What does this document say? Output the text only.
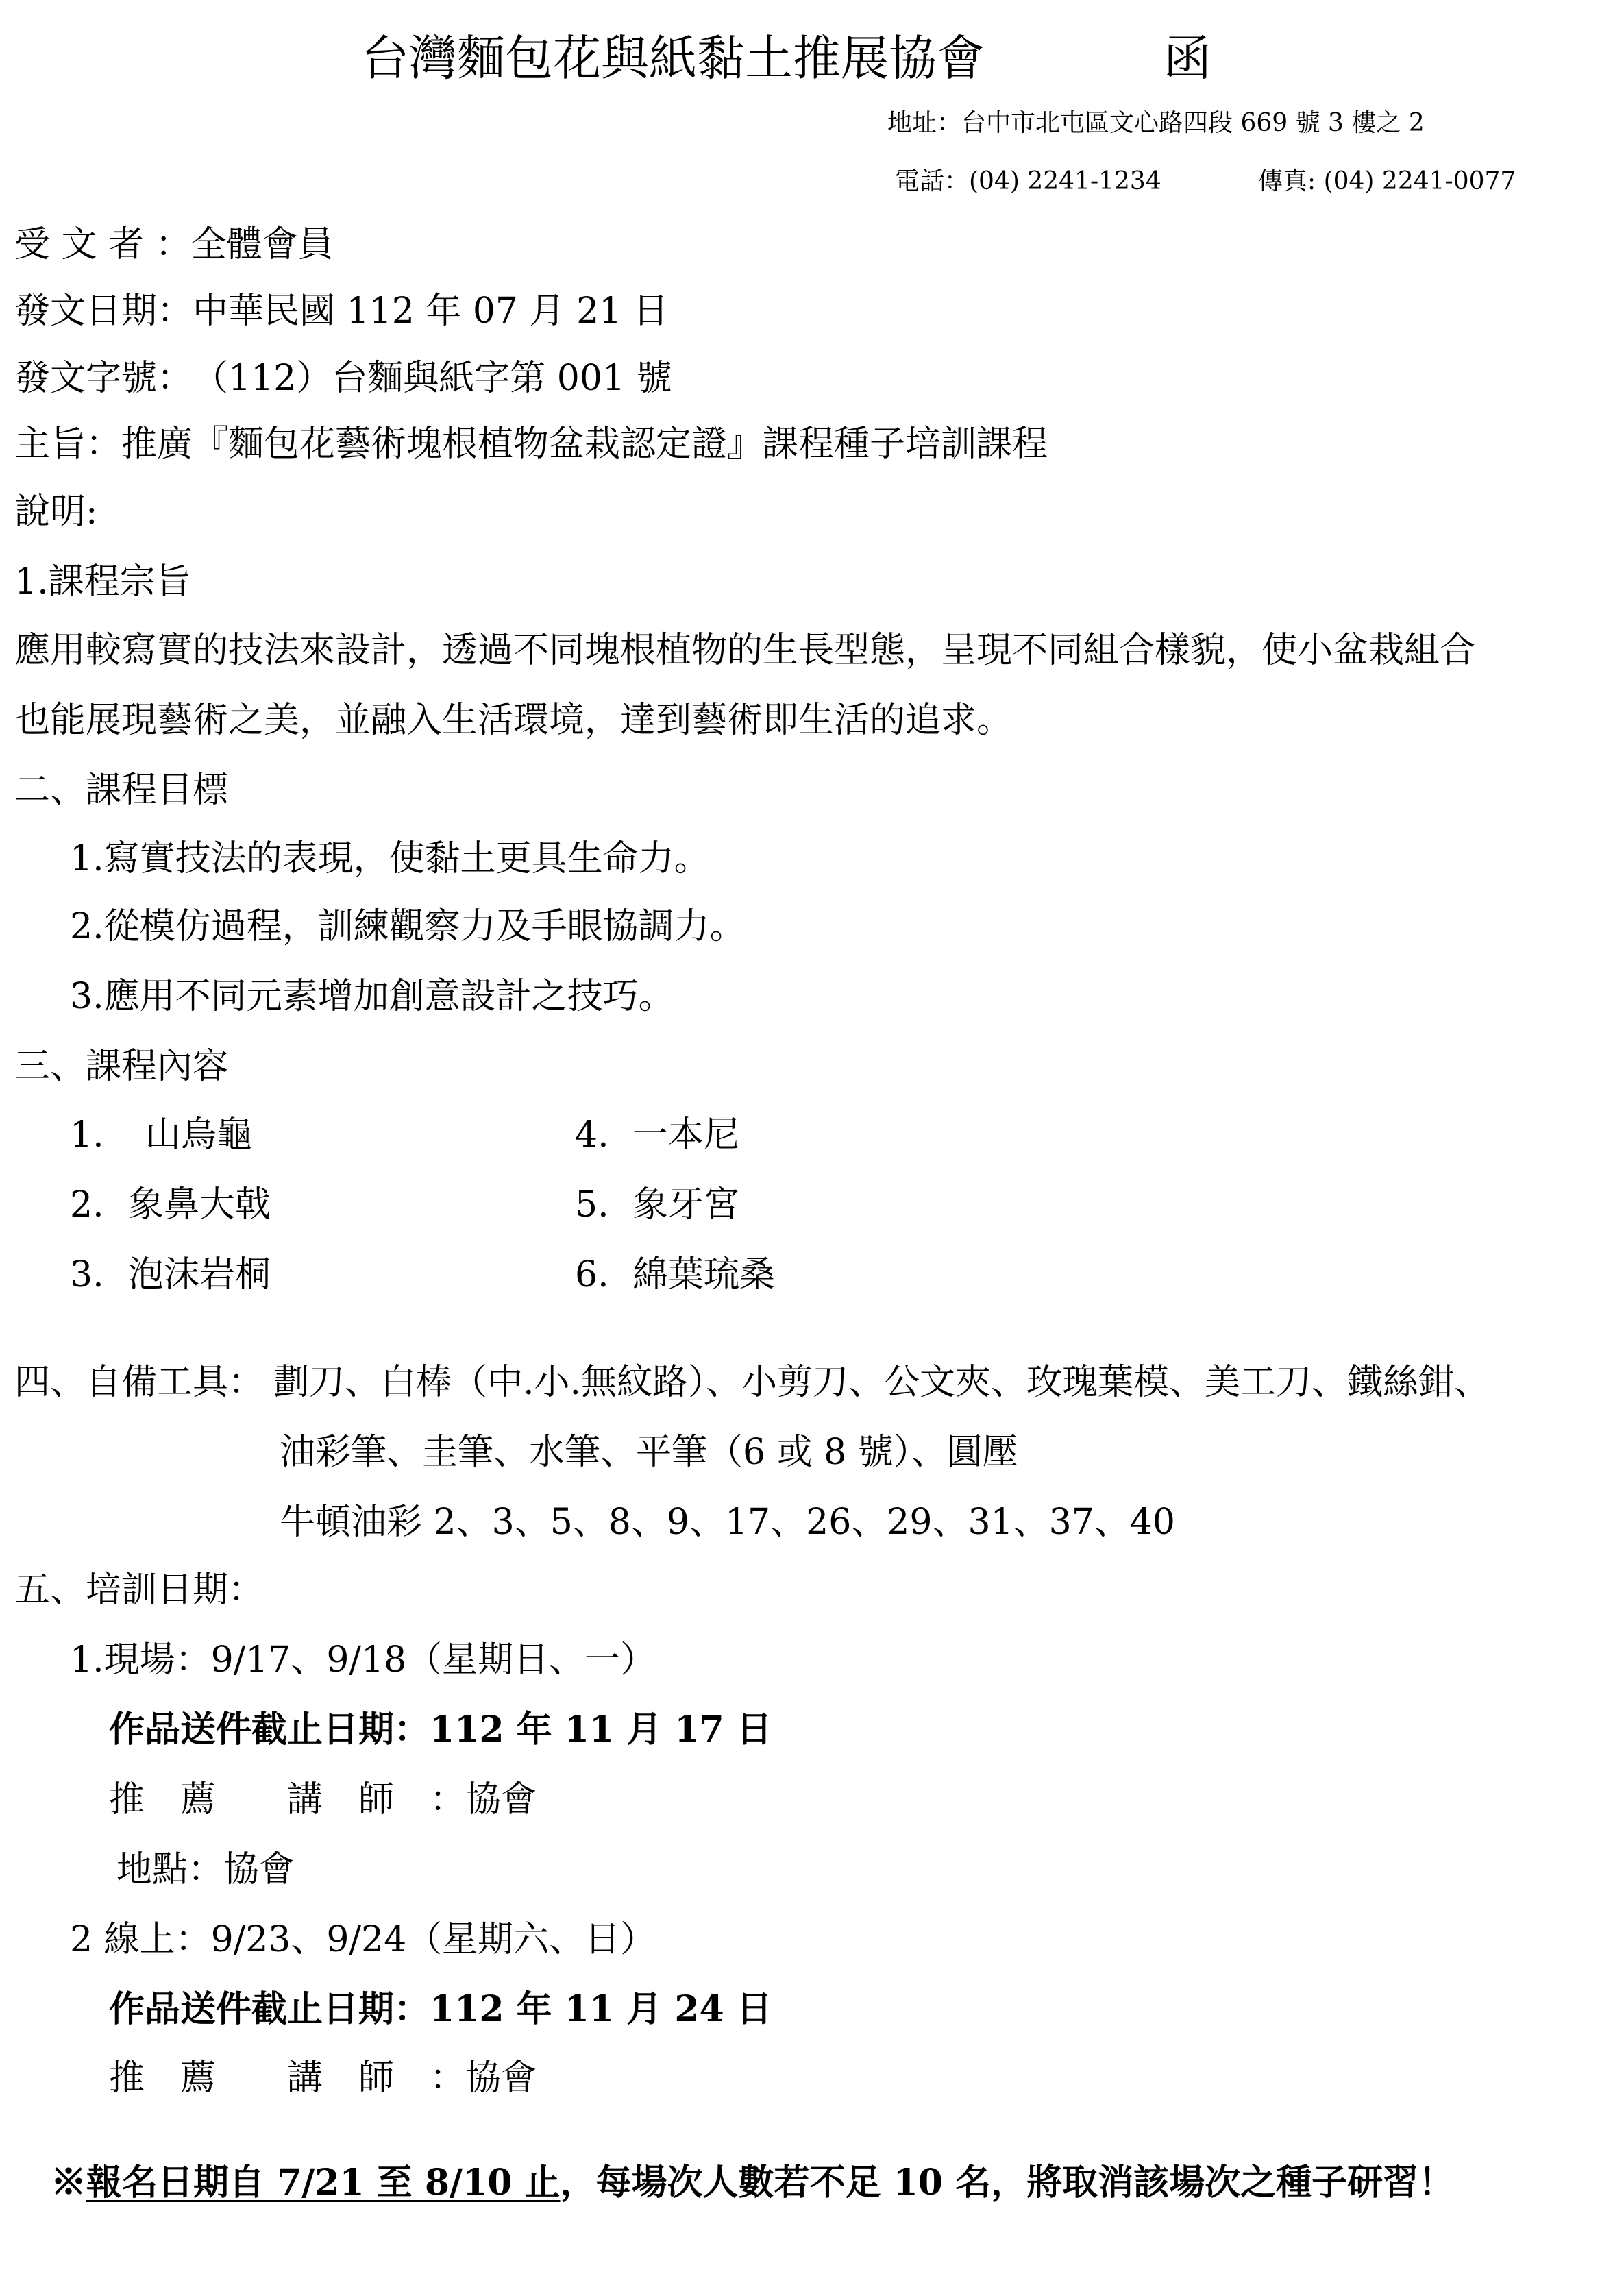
台灣麵包花與紙黏土推展協會	函
地址：台中市北屯區文心路四段 669 號 3 樓之 2
電話：(04) 2241-1234	傳真: (04) 2241-0077
受 文 者 ：全體會員
發文日期：中華民國 112 年 07 月 21 日
發文字號：　（112）台麵與紙字第 001 號
主旨：推廣『麵包花藝術塊根植物盆栽認定證』課程種子培訓課程
說明:
1.課程宗旨
應用較寫實的技法來設計，透過不同塊根植物的生長型態，呈現不同組合樣貌，使小盆栽組合
也能展現藝術之美，並融入生活環境，達到藝術即生活的追求。
二、課程目標
1.寫實技法的表現，使黏土更具生命力。
2.從模仿過程，訓練觀察力及手眼協調力。
3.應用不同元素增加創意設計之技巧。
三、課程內容
1. 山烏龜
2. 象鼻大戟
3. 泡沫岩桐
4. 一本尼
5. 象牙宮
6. 綿葉琉桑
四、自備工具： 劃刀、白棒（中.小.無紋路）、小剪刀、公文夾、玫瑰葉模、美工刀、鐵絲鉗、
油彩筆、圭筆、水筆、平筆（6 或 8 號）、圓壓
牛頓油彩 2、3、5、8、9、17、26、29、31、37、40
五、培訓日期：
1.現場：9/17、9/18（星期日、一）
作品送件截止日期：112 年 11 月 17 日
推　薦　　講　師　：協會
地點：協會
2 線上：9/23、9/24（星期六、日）
作品送件截止日期：112 年 11 月 24 日
推　薦　　講　師　：協會
※報名日期自 7/21 至 8/10 止，每場次人數若不足 10 名，將取消該場次之種子研習！
